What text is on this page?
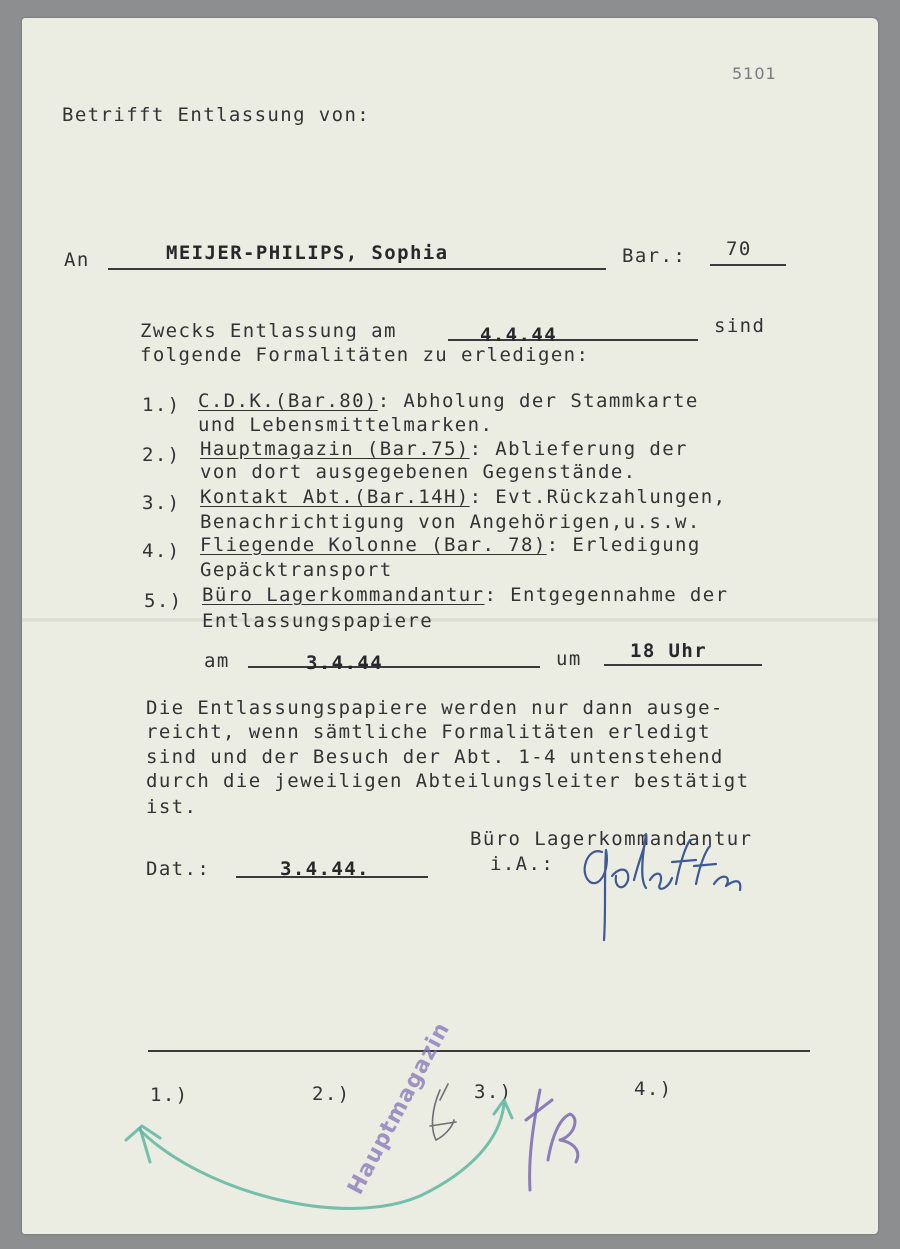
5101
Betrifft Entlassung von:
An	MEIJER-PHILIPS, Sophia	Bar.: 70
Zwecks Entlassung am	4.4.44	sind
folgende Formalitäten zu erledigen:
1.) C.D.K.(Bar.80): Abholung der Stammkarte
und Lebensmittelmarken.
2.) Hauptmagazin (Bar.75): Ablieferung der
von dort ausgegebenen Gegenstände.
3.) Kontakt Abt.(Bar.14H): Evt.Rückzahlungen,
Benachrichtigung von Angehörigen,u.s.w.
4.) Fliegende Kolonne (Bar. 78): Erledigung
Gepäcktransport
5.) Büro Lagerkommandantur: Entgegennahme der
Entlassungspapiere
am	3.4.44	um	18 Uhr
Die Entlassungspapiere werden nur dann ausge-
reicht, wenn sämtliche Formalitäten erledigt
sind und der Besuch der Abt. 1-4 untenstehend
durch die jeweiligen Abteilungsleiter bestätigt
ist.
Büro Lagerkommandantur
i.A.:
Dat.:	3.4.44.
1.)	2.)	3.)	4.)
Hauptmagazin
